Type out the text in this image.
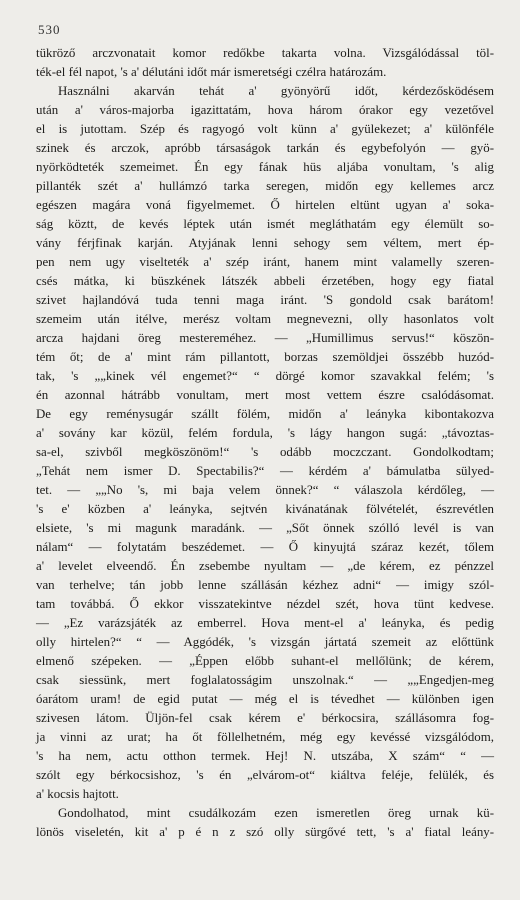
530
tükröző arczvonatait komor redőkbe takarta volna. Vizsgálódással töl-
ték-el fél napot, 's a' délutáni időt már ismeretségi czélra határozám.
Használni akarván tehát a' gyönyörű időt, kérdezősködésem
után a' város-majorba igazittatám, hova három órakor egy vezetővel
el is jutottam. Szép és ragyogó volt künn a' gyülekezet; a' különféle
szinek és arczok, apróbb társaságok tarkán és egybefolyón — gyö-
nyörködteték szemeimet. Én egy fának hüs aljába vonultam, 's alig
pillanték szét a' hullámzó tarka seregen, midőn egy kellemes arcz
egészen magára voná figyelmemet. Ő hirtelen eltünt ugyan a' soka-
ság köztt, de kevés léptek után ismét megláthatám egy élemült so-
vány férjfinak karján. Atyjának lenni sehogy sem véltem, mert ép-
pen nem ugy viselteték a' szép iránt, hanem mint valamelly szeren-
csés mátka, ki büszkének látszék abbeli érzetében, hogy egy fiatal
szivet hajlandóvá tuda tenni maga iránt. 'S gondold csak barátom!
szemeim után itélve, merész voltam megnevezni, olly hasonlatos volt
arcza hajdani öreg mestereméhez. — „Humillimus servus!“ köszön-
tém őt; de a' mint rám pillantott, borzas szemöldjei összébb huzód-
tak, 's „„kinek vél engemet?“ “ dörgé komor szavakkal felém; 's
én azonnal hátrább vonultam, mert most vettem észre csalódásomat.
De egy reménysugár szállt fölém, midőn a' leányka kibontakozva
a' sovány kar közül, felém fordula, 's lágy hangon sugá: „távoztas-
sa-el, szivből megköszönöm!“ 's odább moczczant. Gondolkodtam;
„Tehát nem ismer D. Spectabilis?“ — kérdém a' bámulatba sülyed-
tet. — „„No 's, mi baja velem önnek?“ “ válaszola kérdőleg, —
's e' közben a' leányka, sejtvén kivánatának fölvételét, észrevétlen
elsiete, 's mi magunk maradánk. — „Sőt önnek szólló levél is van
nálam“ — folytatám beszédemet. — Ő kinyujtá száraz kezét, tőlem
a' levelet elveendő. Én zsebembe nyultam — „de kérem, ez pénzzel
van terhelve; tán jobb lenne szállásán kézhez adni“ — imigy szól-
tam továbbá. Ő ekkor visszatekintve nézdel szét, hova tünt kedvese.
— „Ez varázsjáték az emberrel. Hova ment-el a' leányka, és pedig
olly hirtelen?“ “ — Aggódék, 's vizsgán jártatá szemeit az előttünk
elmenő szépeken. — „Éppen előbb suhant-el mellőlünk; de kérem,
csak siessünk, mert foglalatosságim unszolnak.“ — „„Engedjen-meg
óarátom uram! de egid putat — még el is tévedhet — különben igen
szivesen látom. Üljön-fel csak kérem e' bérkocsira, szállásomra fog-
ja vinni az urat; ha őt föllelhetném, még egy kevéssé vizsgálódom,
's ha nem, actu otthon termek. Hej! N. utszába, X szám“ “ —
szólt egy bérkocsishoz, 's én „elvárom-ot“ kiáltva feléje, felülék, és
a' kocsis hajtott.
Gondolhatod, mint csudálkozám ezen ismeretlen öreg urnak kü-
lönös viseletén, kit a' p é n z szó olly sürgővé tett, 's a' fiatal leány-
